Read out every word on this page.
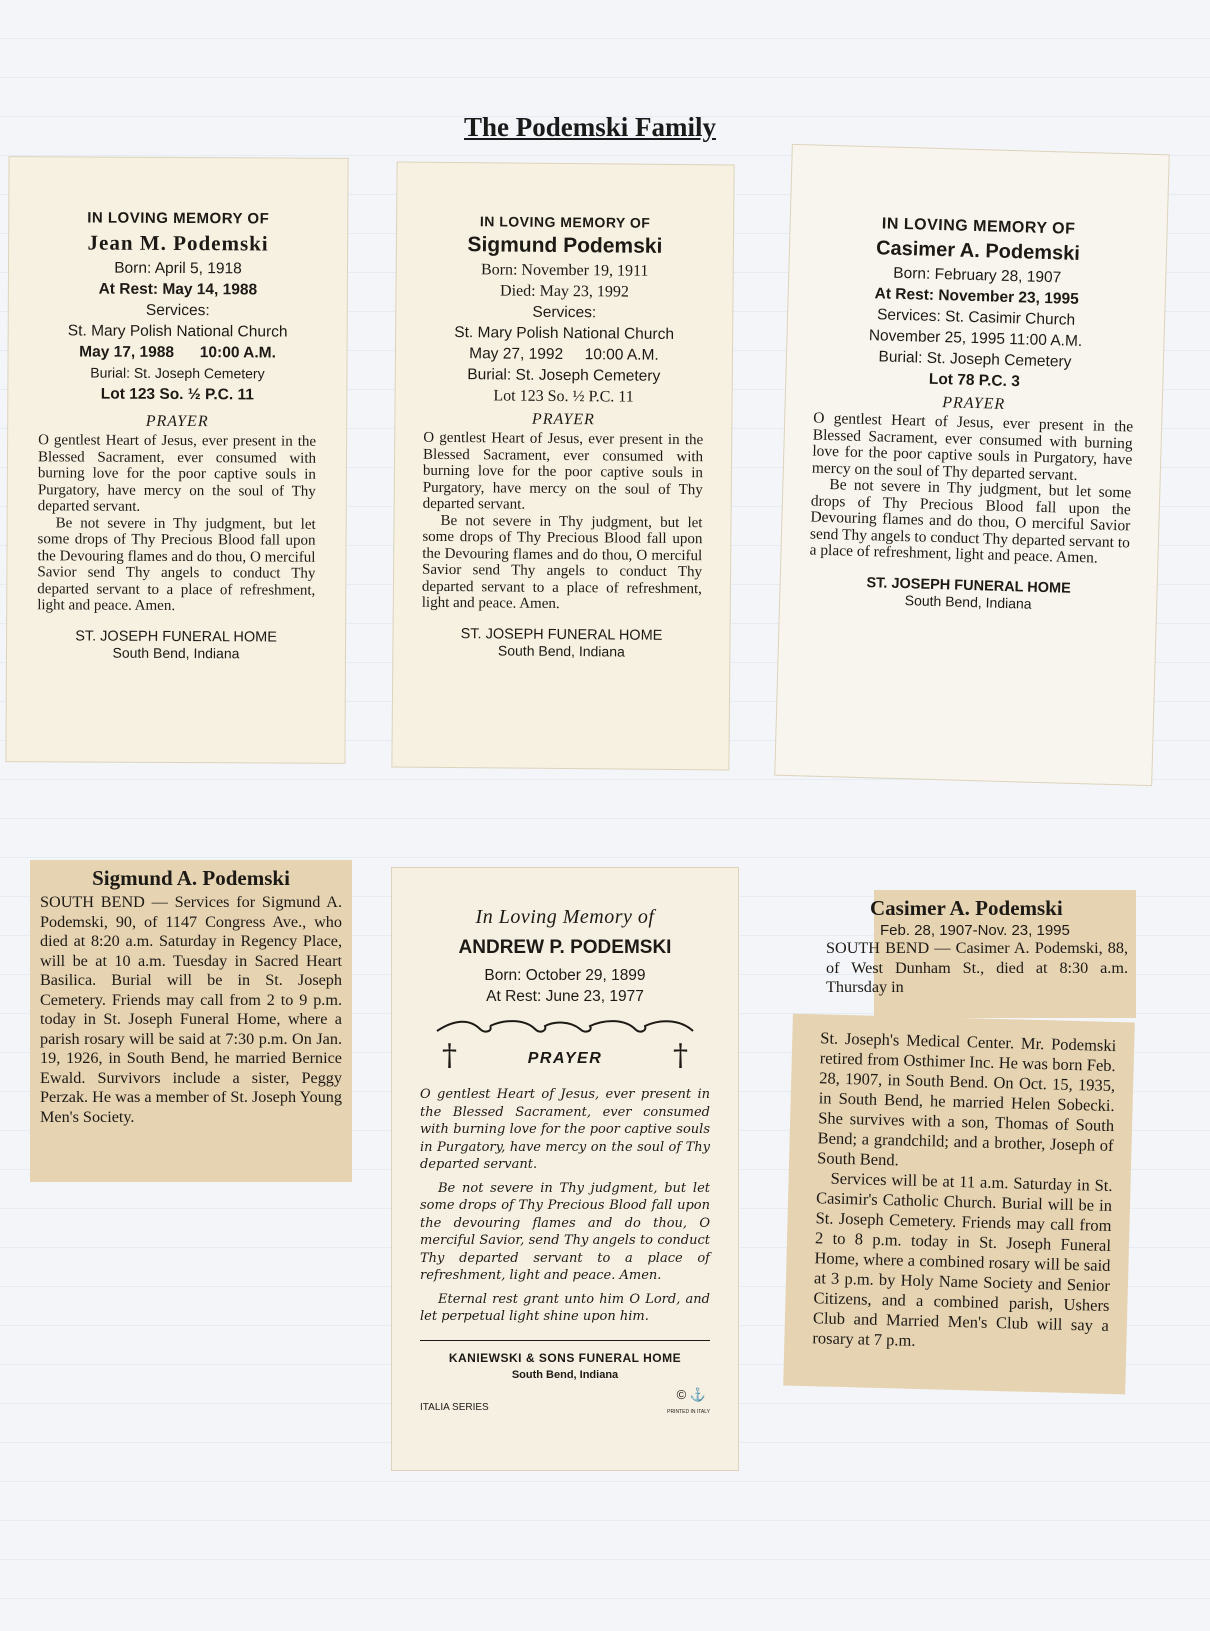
The Podemski Family
IN LOVING MEMORY OF
Jean M. Podemski
Born: April 5, 1918
At Rest: May 14, 1988
Services:
St. Mary Polish National Church
May 17, 1988      10:00 A.M.
Burial: St. Joseph Cemetery
Lot 123 So. ½ P.C. 11
PRAYER

O gentlest Heart of Jesus, ever present in the Blessed Sacrament, ever consumed with burning love for the poor captive souls in Purgatory, have mercy on the soul of Thy departed servant.

Be not severe in Thy judgment, but let some drops of Thy Precious Blood fall upon the Devouring flames and do thou, O merciful Savior send Thy angels to conduct Thy departed servant to a place of refreshment, light and peace. Amen.

ST. JOSEPH FUNERAL HOME
South Bend, Indiana
IN LOVING MEMORY OF
Sigmund Podemski
Born: November 19, 1911
Died: May 23, 1992
Services:
St. Mary Polish National Church
May 27, 1992     10:00 A.M.
Burial: St. Joseph Cemetery
Lot 123 So. ½ P.C. 11
PRAYER

O gentlest Heart of Jesus, ever present in the Blessed Sacrament, ever consumed with burning love for the poor captive souls in Purgatory, have mercy on the soul of Thy departed servant.

Be not severe in Thy judgment, but let some drops of Thy Precious Blood fall upon the Devouring flames and do thou, O merciful Savior send Thy angels to conduct Thy departed servant to a place of refreshment, light and peace. Amen.

ST. JOSEPH FUNERAL HOME
South Bend, Indiana
IN LOVING MEMORY OF
Casimer A. Podemski
Born: February 28, 1907
At Rest: November 23, 1995
Services: St. Casimir Church
November 25, 1995 11:00 A.M.
Burial: St. Joseph Cemetery
Lot 78 P.C. 3
PRAYER

O gentlest Heart of Jesus, ever present in the Blessed Sacrament, ever consumed with burning love for the poor captive souls in Purgatory, have mercy on the soul of Thy departed servant.

Be not severe in Thy judgment, but let some drops of Thy Precious Blood fall upon the Devouring flames and do thou, O merciful Savior send Thy angels to conduct Thy departed servant to a place of refreshment, light and peace. Amen.

ST. JOSEPH FUNERAL HOME
South Bend, Indiana
Sigmund A. Podemski

SOUTH BEND — Services for Sigmund A. Podemski, 90, of 1147 Congress Ave., who died at 8:20 a.m. Saturday in Regency Place, will be at 10 a.m. Tuesday in Sacred Heart Basilica. Burial will be in St. Joseph Cemetery. Friends may call from 2 to 9 p.m. today in St. Joseph Funeral Home, where a parish rosary will be said at 7:30 p.m. On Jan. 19, 1926, in South Bend, he married Bernice Ewald. Survivors include a sister, Peggy Perzak. He was a member of St. Joseph Young Men's Society.

In Loving Memory of
ANDREW P. PODEMSKI
Born: October 29, 1899
At Rest: June 23, 1977
†	PRAYER †

O gentlest Heart of Jesus, ever present in the Blessed Sacrament, ever consumed with burning love for the poor captive souls in Purgatory, have mercy on the soul of Thy departed servant.

Be not severe in Thy judgment, but let some drops of Thy Precious Blood fall upon the devouring flames and do thou, O merciful Savior, send Thy angels to conduct Thy departed servant to a place of refreshment, light and peace. Amen.

Eternal rest grant unto him O Lord, and let perpetual light shine upon him.

KANIEWSKI & SONS FUNERAL HOME
South Bend, Indiana
ITALIA SERIES
© ⚓
PRINTED IN ITALY
Casimer A. Podemski
Feb. 28, 1907-Nov. 23, 1995
SOUTH BEND — Casimer A. Podemski, 88, of West Dunham St., died at 8:30 a.m. Thursday in

St. Joseph's Medical Center. Mr. Podemski retired from Osthimer Inc. He was born Feb. 28, 1907, in South Bend. On Oct. 15, 1935, in South Bend, he married Helen Sobecki. She survives with a son, Thomas of South Bend; a grandchild; and a brother, Joseph of South Bend.

Services will be at 11 a.m. Saturday in St. Casimir's Catholic Church. Burial will be in St. Joseph Cemetery. Friends may call from 2 to 8 p.m. today in St. Joseph Funeral Home, where a combined rosary will be said at 3 p.m. by Holy Name Society and Senior Citizens, and a combined parish, Ushers Club and Married Men's Club will say a rosary at 7 p.m.
